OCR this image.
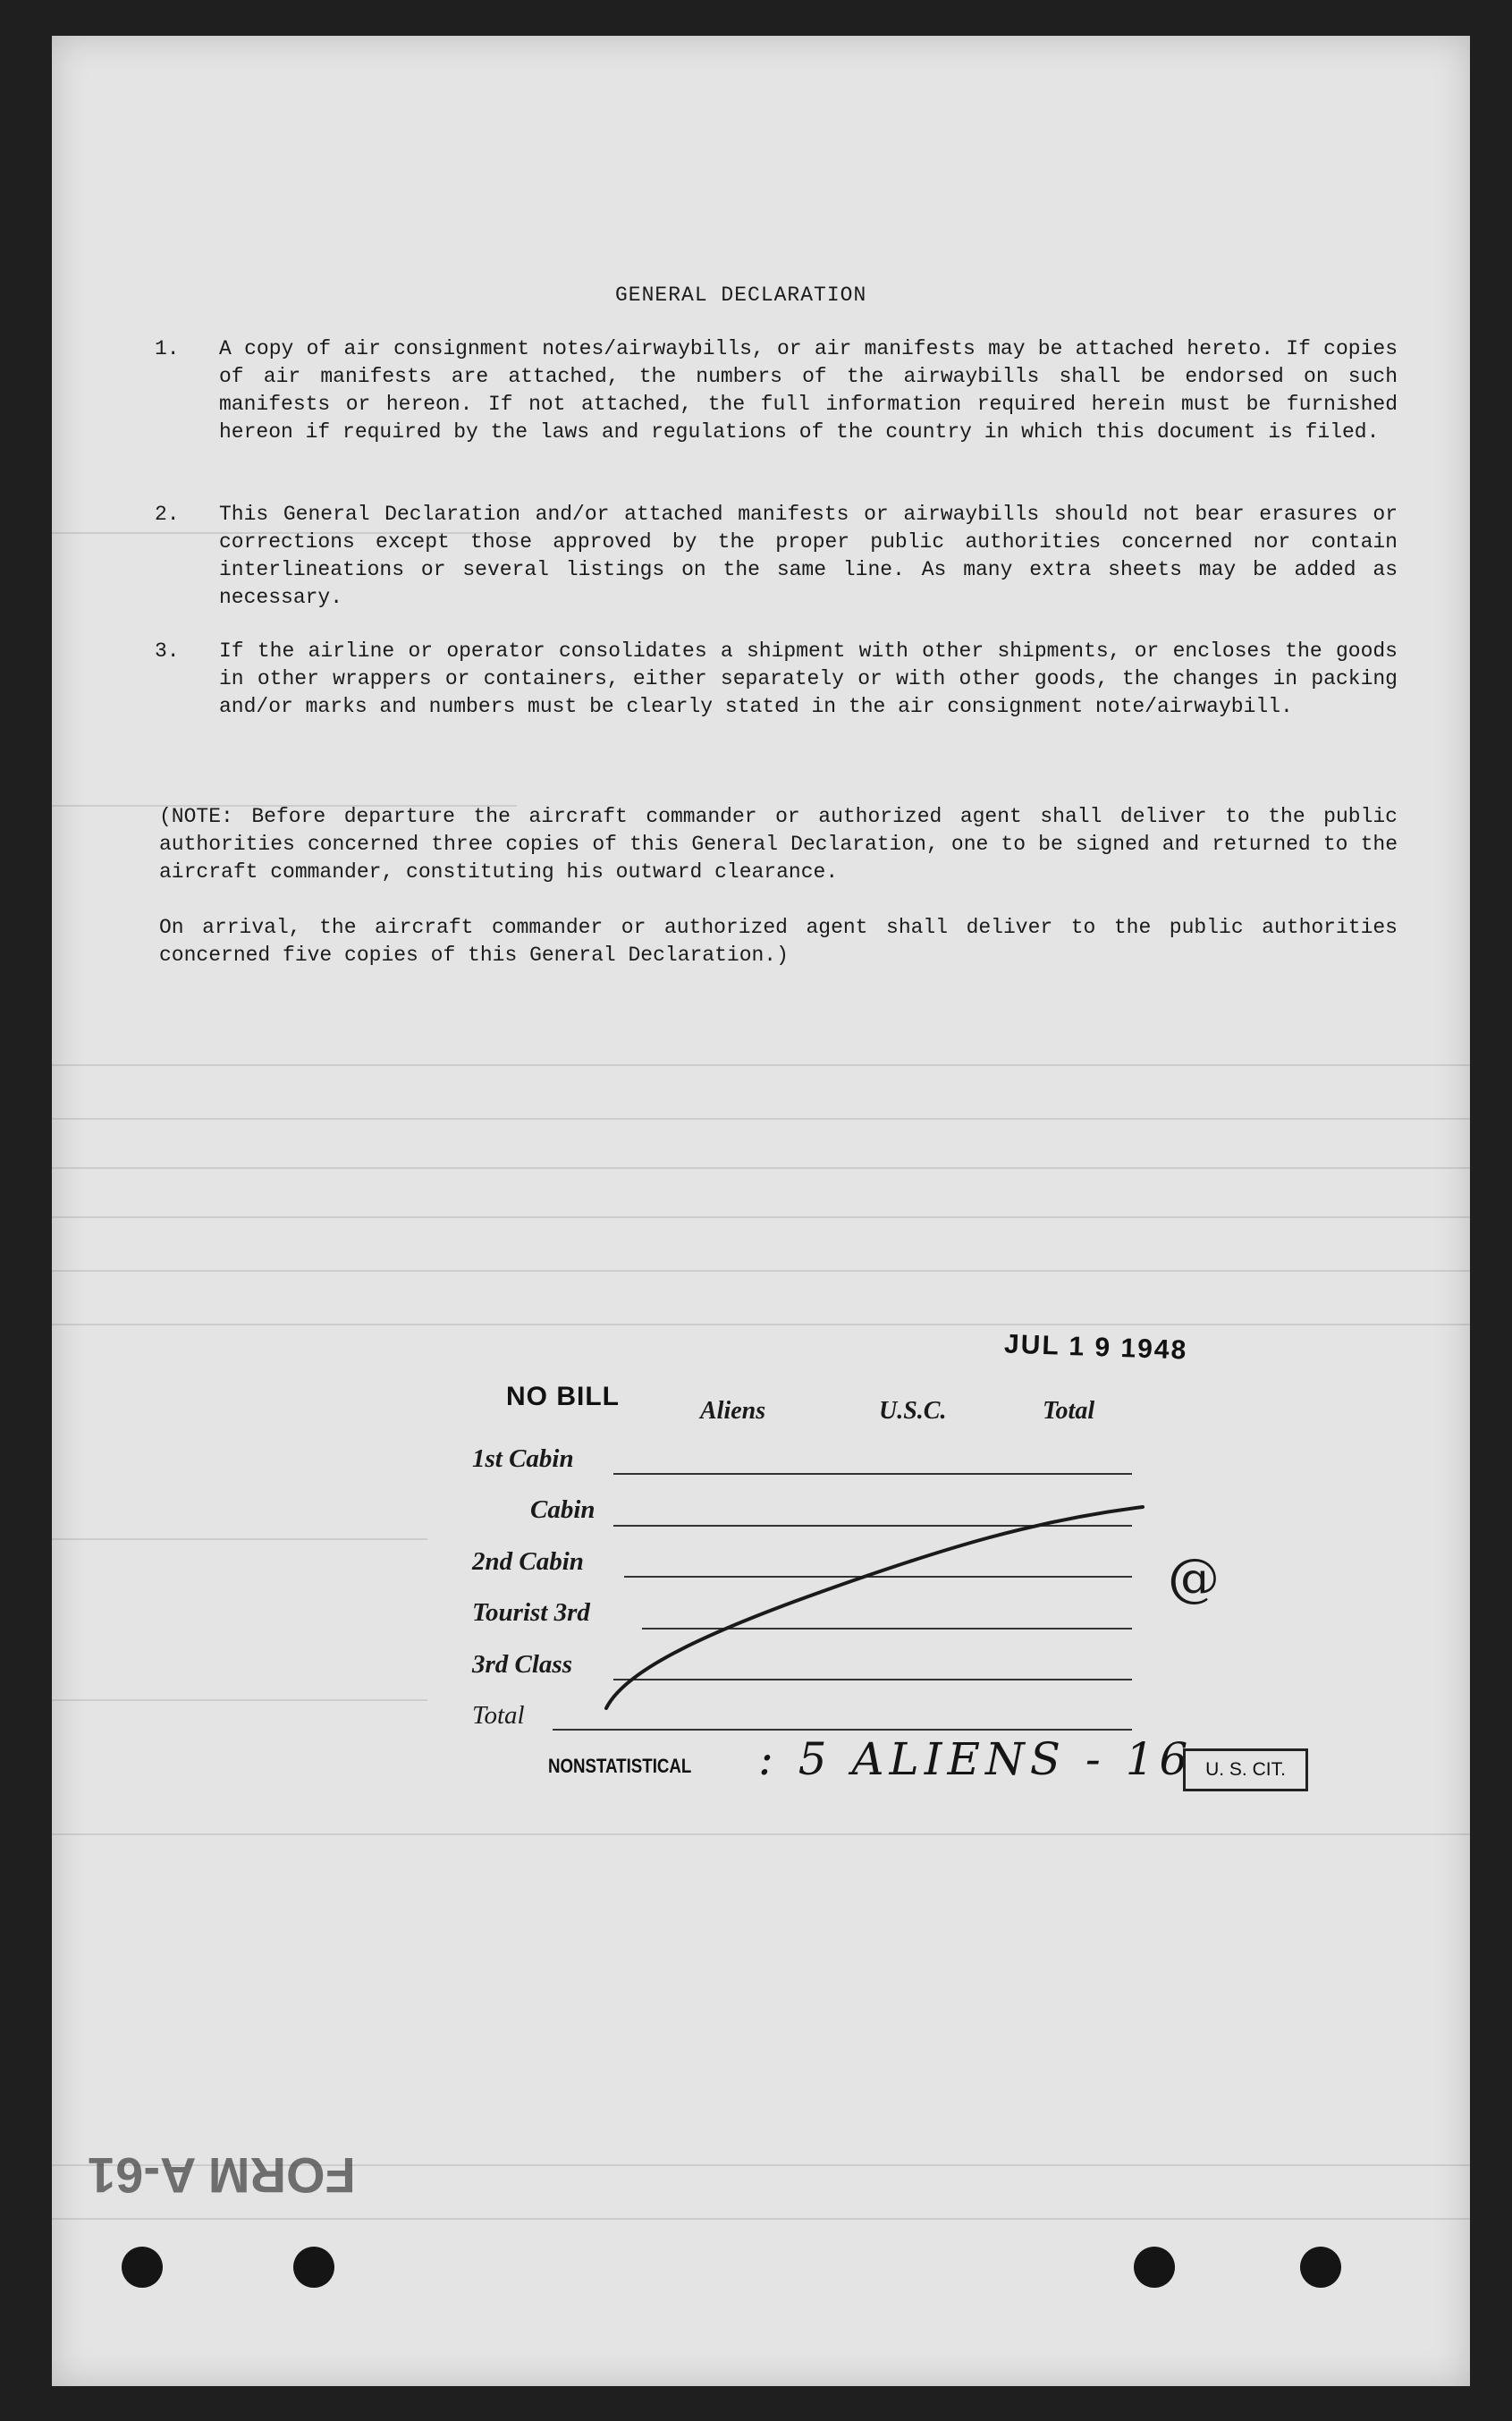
GENERAL DECLARATION
1.	A copy of air consignment notes/airwaybills, or air manifests may be attached hereto. If copies of air manifests are attached, the numbers of the airwaybills shall be endorsed on such manifests or hereon. If not attached, the full information required herein must be furnished hereon if required by the laws and regulations of the country in which this document is filed.
2.	This General Declaration and/or attached manifests or airwaybills should not bear erasures or corrections except those approved by the proper public authorities concerned nor contain interlineations or several listings on the same line. As many extra sheets may be added as necessary.
3.	If the airline or operator consolidates a shipment with other shipments, or encloses the goods in other wrappers or containers, either separately or with other goods, the changes in packing and/or marks and numbers must be clearly stated in the air consignment note/airwaybill.
(NOTE: Before departure the aircraft commander or authorized agent shall deliver to the public authorities concerned three copies of this General Declaration, one to be signed and returned to the aircraft commander, constituting his outward clearance.
On arrival, the aircraft commander or authorized agent shall deliver to the public authorities concerned five copies of this General Declaration.)
JUL 1 9 1948
NO BILL	Aliens	U.S.C.	Total
1st Cabin
Cabin
2nd Cabin
Tourist 3rd
3rd Class
Total
@
NONSTATISTICAL : 5 ALIENS - 16 U. S. CIT.
FORM A-61
